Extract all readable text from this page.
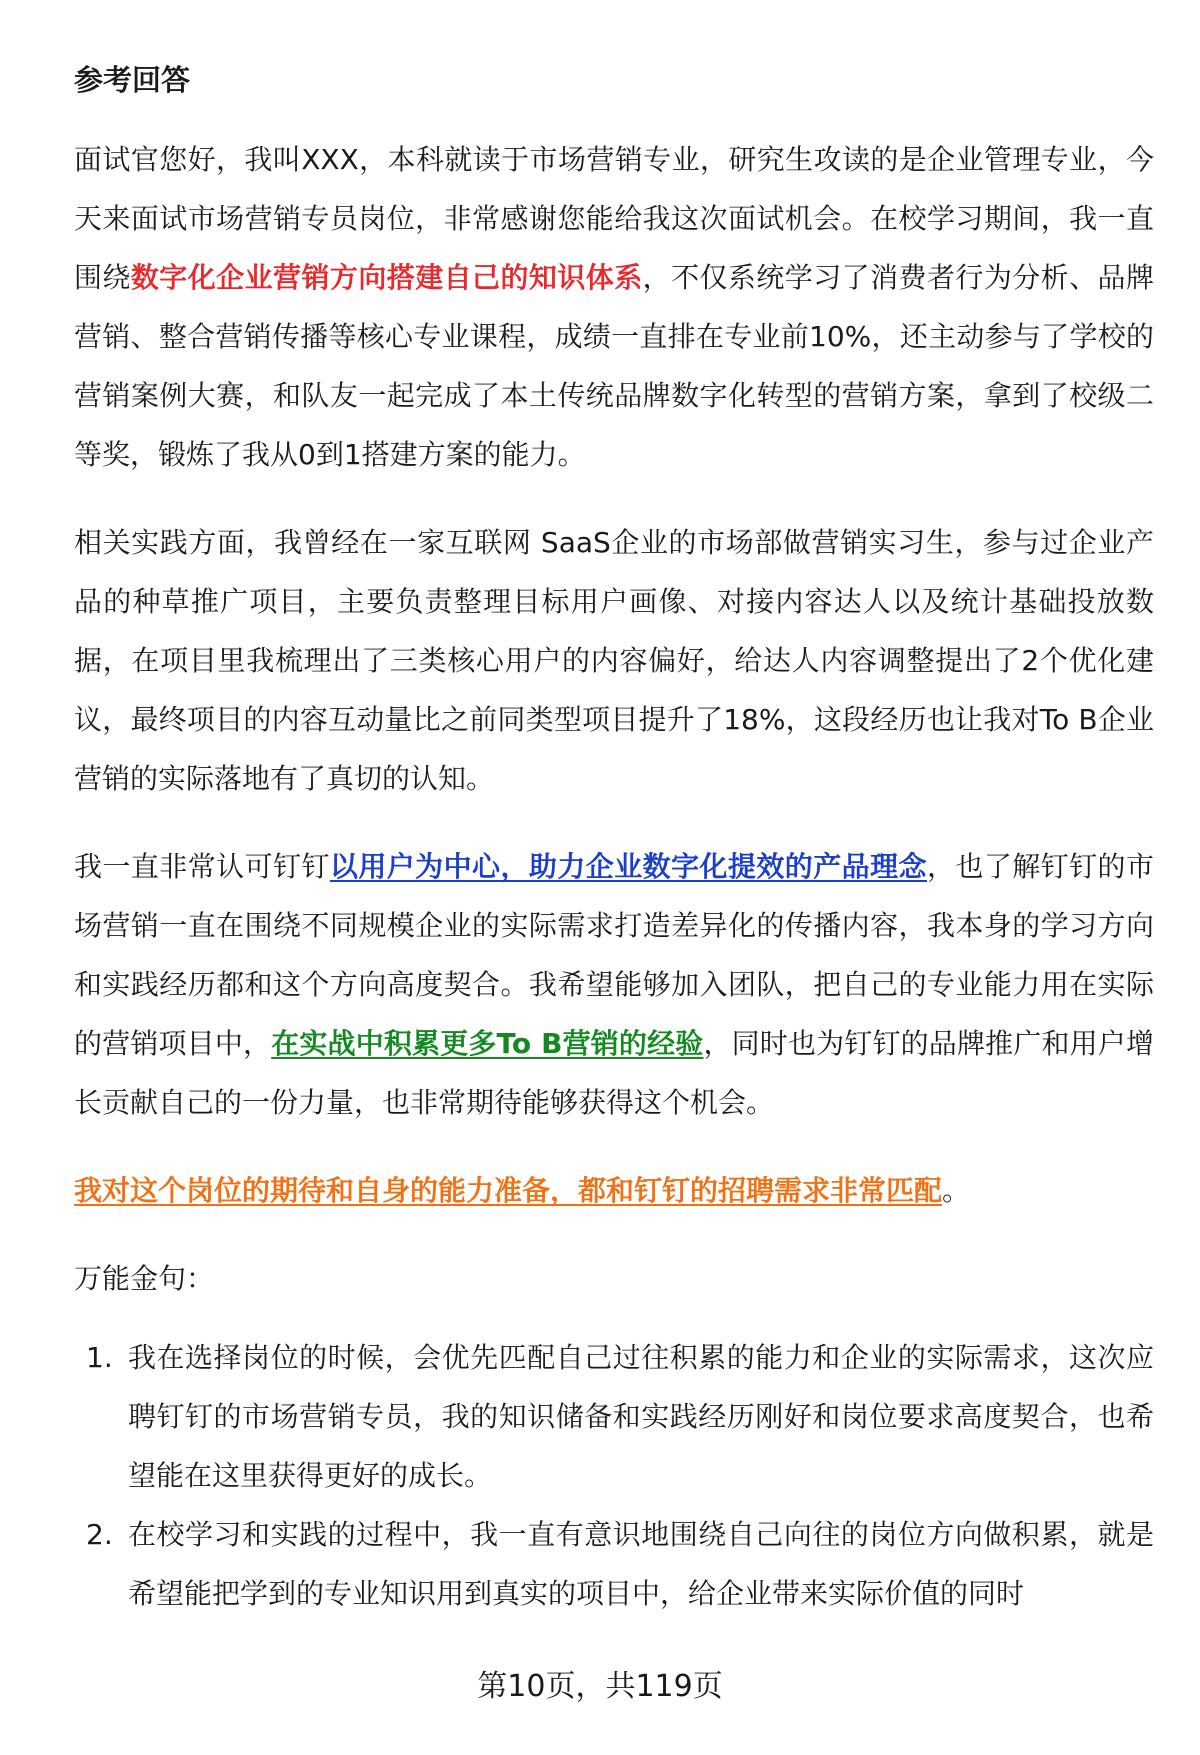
参考回答

面试官您好，我叫XXX，本科就读于市场营销专业，研究生攻读的是企业管理专业，今天来面试市场营销专员岗位，非常感谢您能给我这次面试机会。在校学习期间，我一直围绕数字化企业营销方向搭建自己的知识体系，不仅系统学习了消费者行为分析、品牌营销、整合营销传播等核心专业课程，成绩一直排在专业前10%，还主动参与了学校的营销案例大赛，和队友一起完成了本土传统品牌数字化转型的营销方案，拿到了校级二等奖，锻炼了我从0到1搭建方案的能力。

相关实践方面，我曾经在一家互联网 SaaS企业的市场部做营销实习生，参与过企业产品的种草推广项目，主要负责整理目标用户画像、对接内容达人以及统计基础投放数据，在项目里我梳理出了三类核心用户的内容偏好，给达人内容调整提出了2个优化建议，最终项目的内容互动量比之前同类型项目提升了18%，这段经历也让我对To B企业营销的实际落地有了真切的认知。

我一直非常认可钉钉以用户为中心，助力企业数字化提效的产品理念，也了解钉钉的市场营销一直在围绕不同规模企业的实际需求打造差异化的传播内容，我本身的学习方向和实践经历都和这个方向高度契合。我希望能够加入团队，把自己的专业能力用在实际的营销项目中，在实战中积累更多To B营销的经验，同时也为钉钉的品牌推广和用户增长贡献自己的一份力量，也非常期待能够获得这个机会。

我对这个岗位的期待和自身的能力准备，都和钉钉的招聘需求非常匹配。

万能金句：
1. 我在选择岗位的时候，会优先匹配自己过往积累的能力和企业的实际需求，这次应聘钉钉的市场营销专员，我的知识储备和实践经历刚好和岗位要求高度契合，也希望能在这里获得更好的成长。
2. 在校学习和实践的过程中，我一直有意识地围绕自己向往的岗位方向做积累，就是希望能把学到的专业知识用到真实的项目中，给企业带来实际价值的同时
第10页，共119页
